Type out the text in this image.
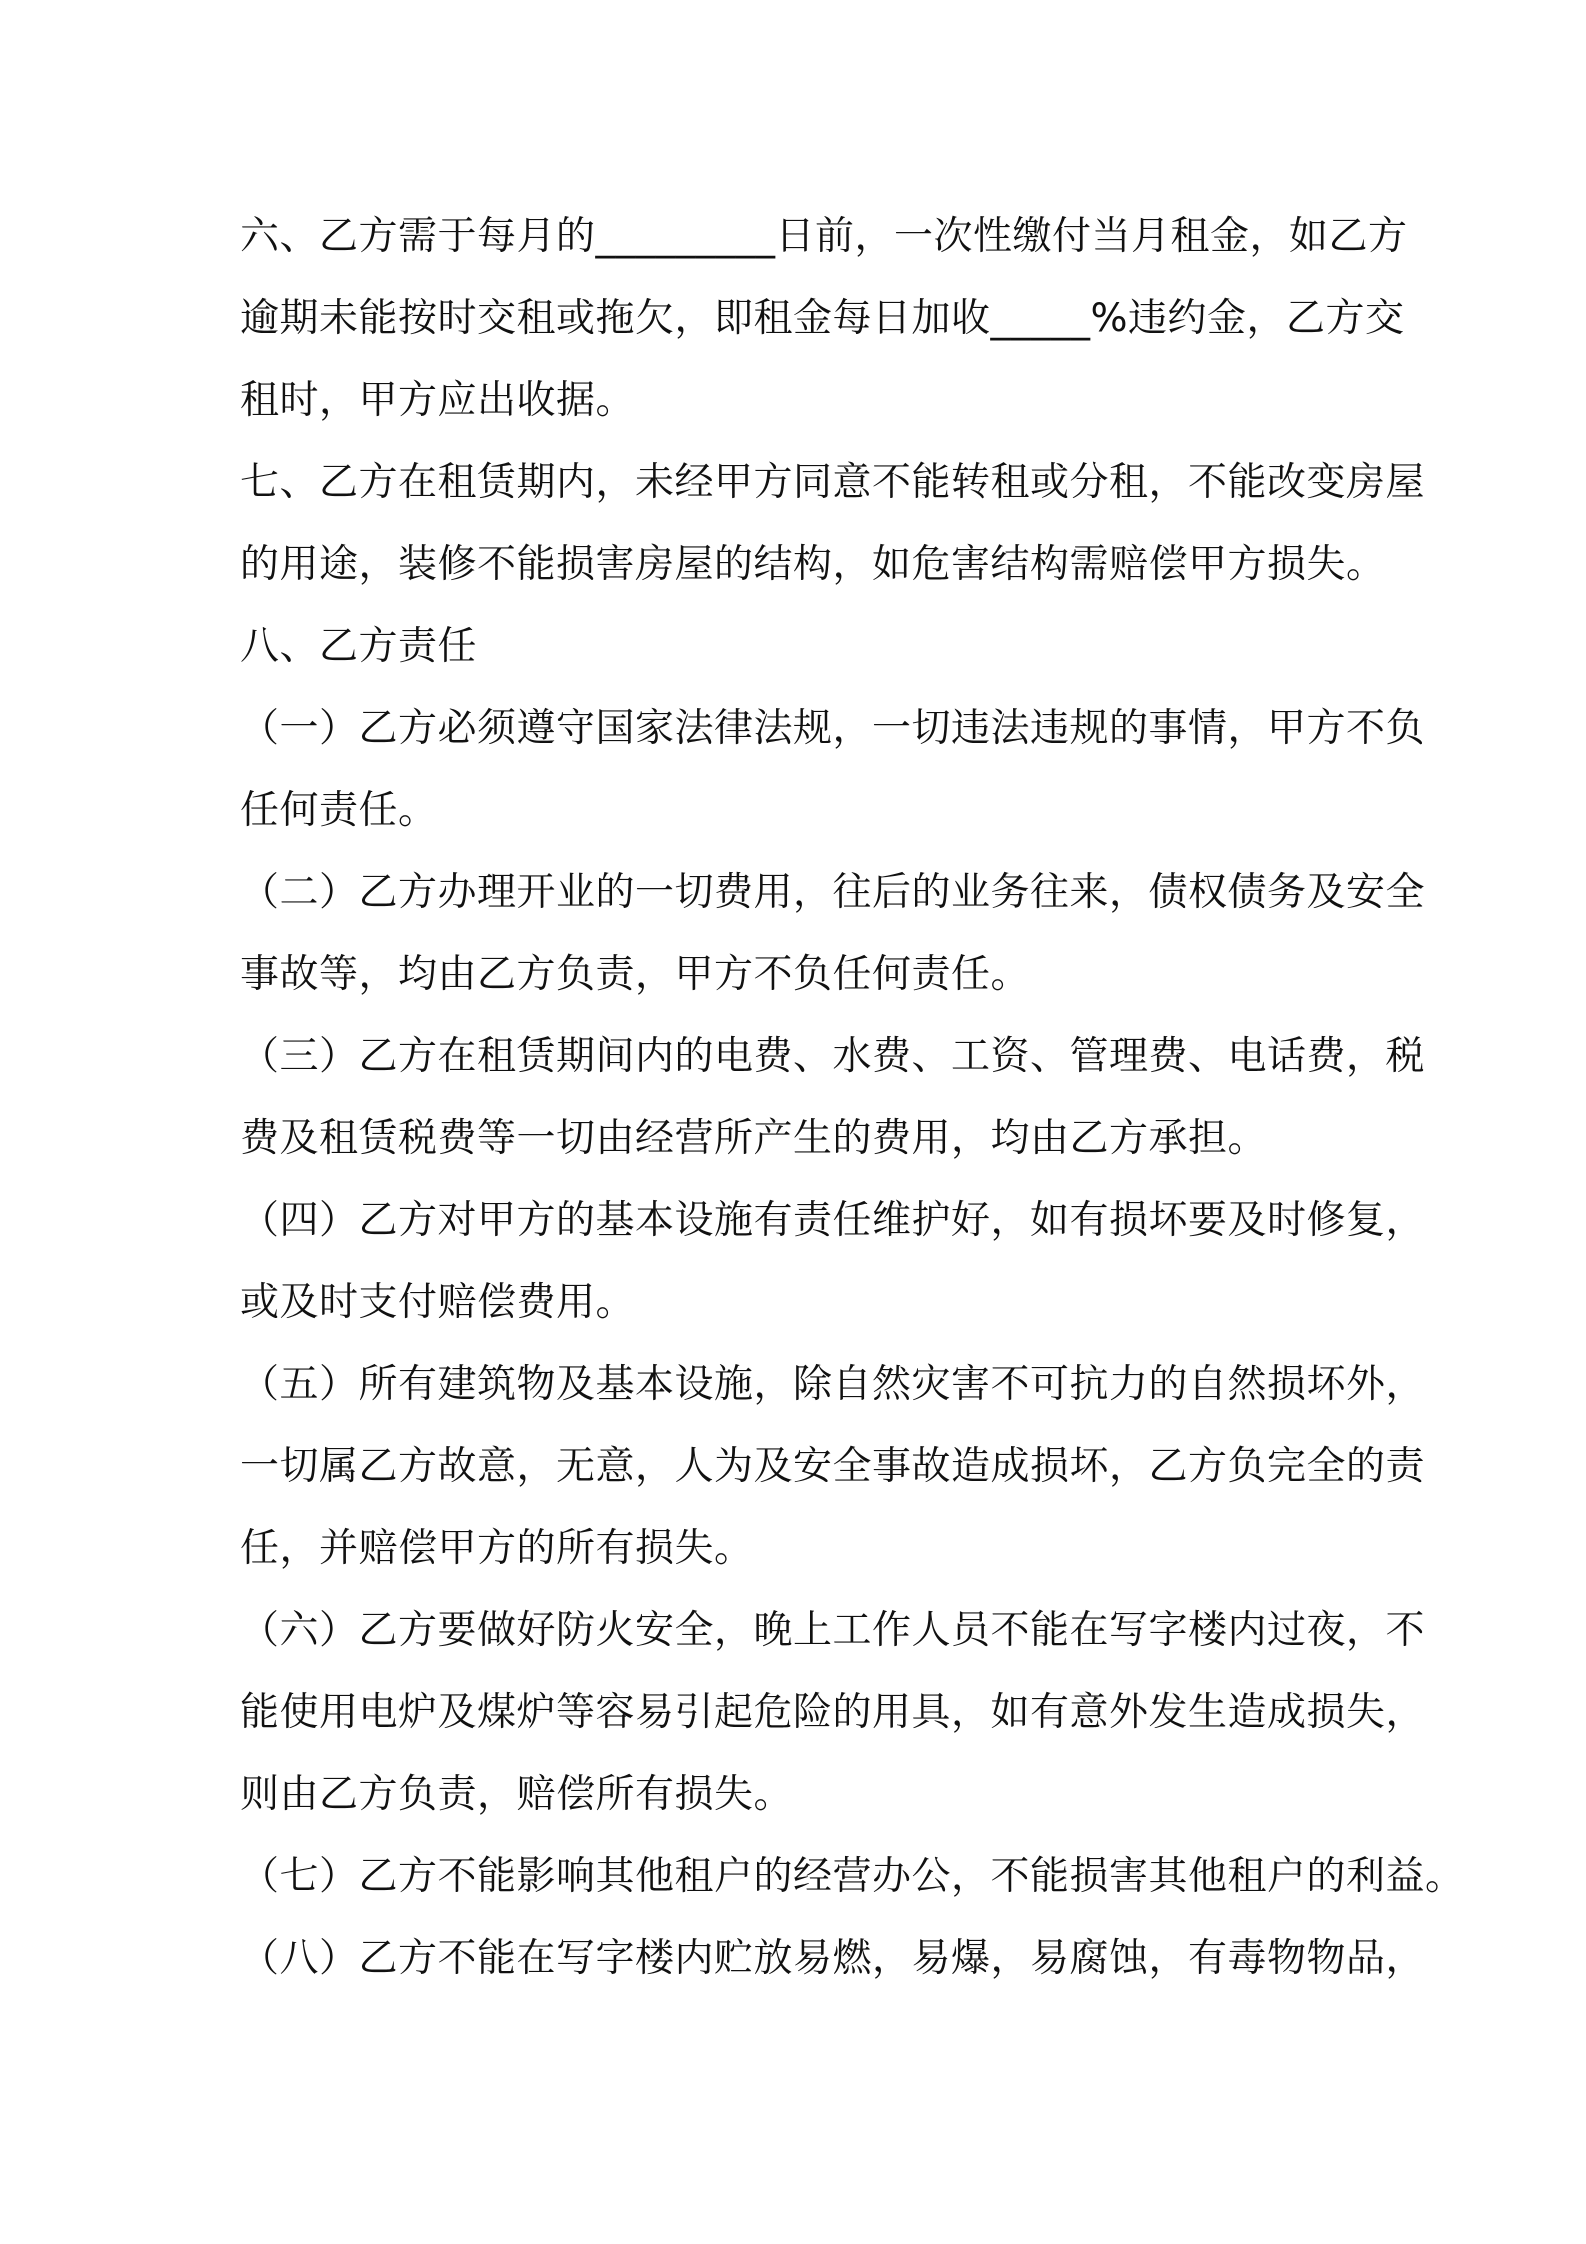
六、乙方需于每月的_________日前，一次性缴付当月租金，如乙方
逾期未能按时交租或拖欠，即租金每日加收_____%违约金，乙方交
租时，甲方应出收据。
七、乙方在租赁期内，未经甲方同意不能转租或分租，不能改变房屋
的用途，装修不能损害房屋的结构，如危害结构需赔偿甲方损失。
八、乙方责任
（一）乙方必须遵守国家法律法规，一切违法违规的事情，甲方不负
任何责任。
（二）乙方办理开业的一切费用，往后的业务往来，债权债务及安全
事故等，均由乙方负责，甲方不负任何责任。
（三）乙方在租赁期间内的电费、水费、工资、管理费、电话费，税
费及租赁税费等一切由经营所产生的费用，均由乙方承担。
（四）乙方对甲方的基本设施有责任维护好，如有损坏要及时修复，
或及时支付赔偿费用。
（五）所有建筑物及基本设施，除自然灾害不可抗力的自然损坏外，
一切属乙方故意，无意，人为及安全事故造成损坏，乙方负完全的责
任，并赔偿甲方的所有损失。
（六）乙方要做好防火安全，晚上工作人员不能在写字楼内过夜，不
能使用电炉及煤炉等容易引起危险的用具，如有意外发生造成损失，
则由乙方负责，赔偿所有损失。
（七）乙方不能影响其他租户的经营办公，不能损害其他租户的利益。
（八）乙方不能在写字楼内贮放易燃，易爆，易腐蚀，有毒物物品，
